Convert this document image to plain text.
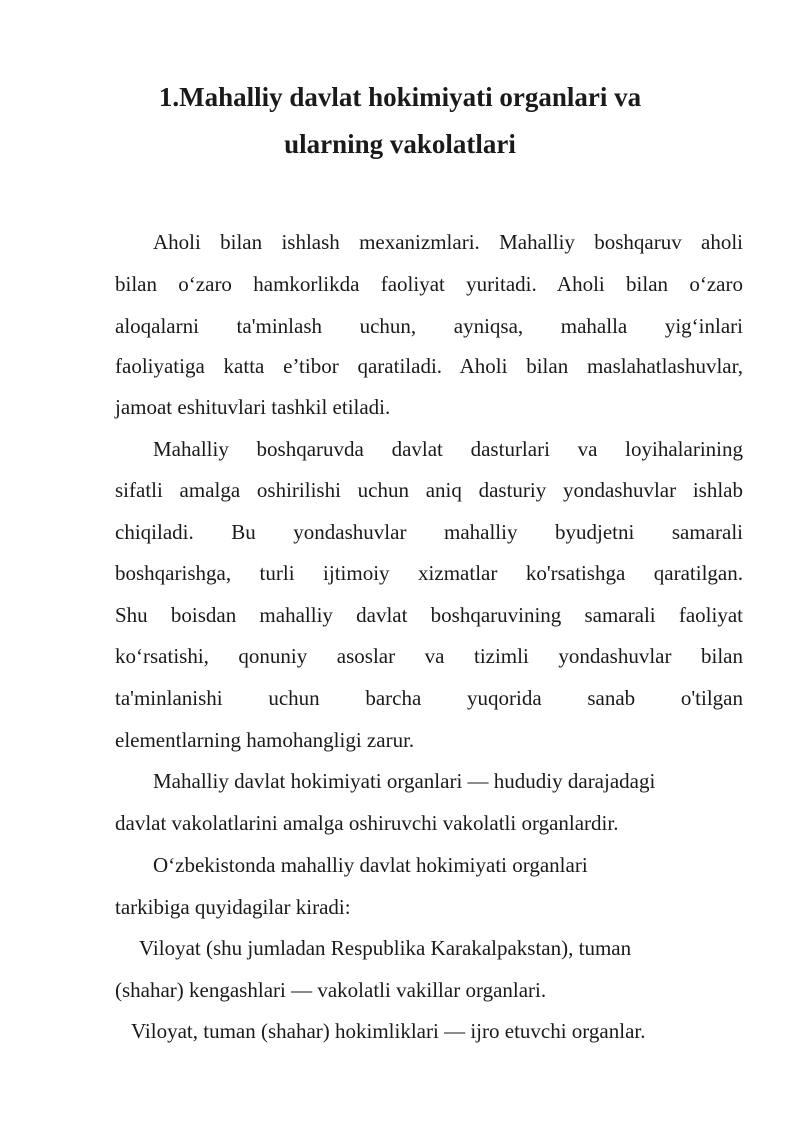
1.Mahalliy davlat hokimiyati organlari va
ularning vakolatlari

Aholi bilan ishlash mexanizmlari. Mahalliy boshqaruv aholi

bilan o‘zaro hamkorlikda faoliyat yuritadi. Aholi bilan o‘zaro

aloqalarni ta'minlash uchun, ayniqsa, mahalla yig‘inlari

faoliyatiga katta e’tibor qaratiladi. Aholi bilan maslahatlashuvlar,

jamoat eshituvlari tashkil etiladi.

Mahalliy boshqaruvda davlat dasturlari va loyihalarining

sifatli amalga oshirilishi uchun aniq dasturiy yondashuvlar ishlab

chiqiladi. Bu yondashuvlar mahalliy byudjetni samarali

boshqarishga, turli ijtimoiy xizmatlar ko'rsatishga qaratilgan.

Shu boisdan mahalliy davlat boshqaruvining samarali faoliyat

ko‘rsatishi, qonuniy asoslar va tizimli yondashuvlar bilan

ta'minlanishi uchun barcha yuqorida sanab o'tilgan

elementlarning hamohangligi zarur.

Mahalliy davlat hokimiyati organlari — hududiy darajadagi

davlat vakolatlarini amalga oshiruvchi vakolatli organlardir.

O‘zbekistonda mahalliy davlat hokimiyati organlari

tarkibiga quyidagilar kiradi:

Viloyat (shu jumladan Respublika Karakalpakstan), tuman

(shahar) kengashlari — vakolatli vakillar organlari.

Viloyat, tuman (shahar) hokimliklari — ijro etuvchi organlar.
